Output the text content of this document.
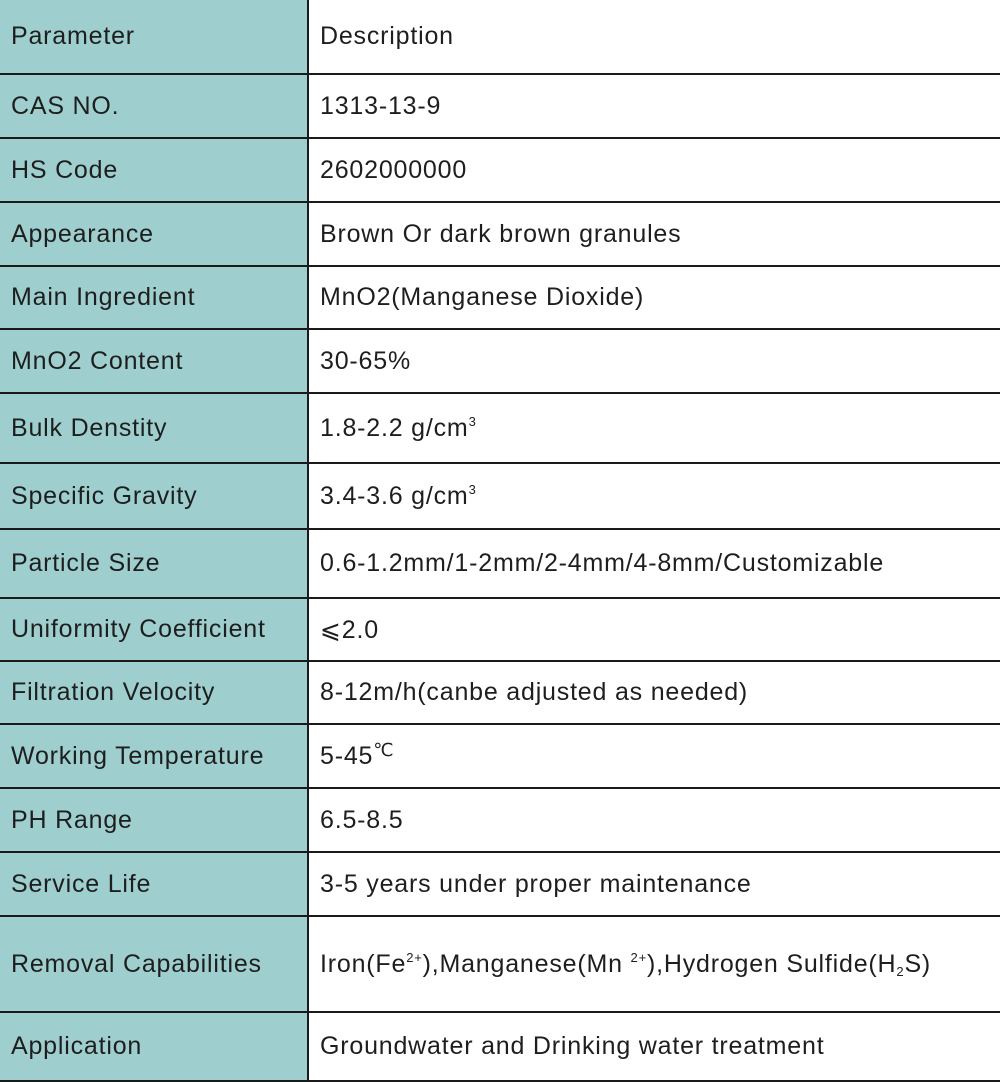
Parameter	Description
CAS NO.	1313-13-9
HS Code	2602000000
Appearance	Brown Or dark brown granules
Main Ingredient	MnO2(Manganese Dioxide)
MnO2 Content	30-65%
Bulk Denstity	1.8-2.2 $g/cm^3$
Specific Gravity	3.4-3.6 $g/cm^3$
Particle Size	0.6-1.2mm/1-2mm/2-4mm/4-8mm/Customizable
Uniformity Coefficient	⩽2.0
Filtration Velocity	8-12m/h(canbe adjusted as needed)
Working Temperature	5-45℃
PH Range	6.5-8.5
Service Life	3-5 years under proper maintenance
Removal Capabilities	$Iron(Fe^{2+}),Manganese(Mn$ $^{2+}$),Hydrogen $Sulfide(H_2S)$
Application	Groundwater and Drinking water treatment
